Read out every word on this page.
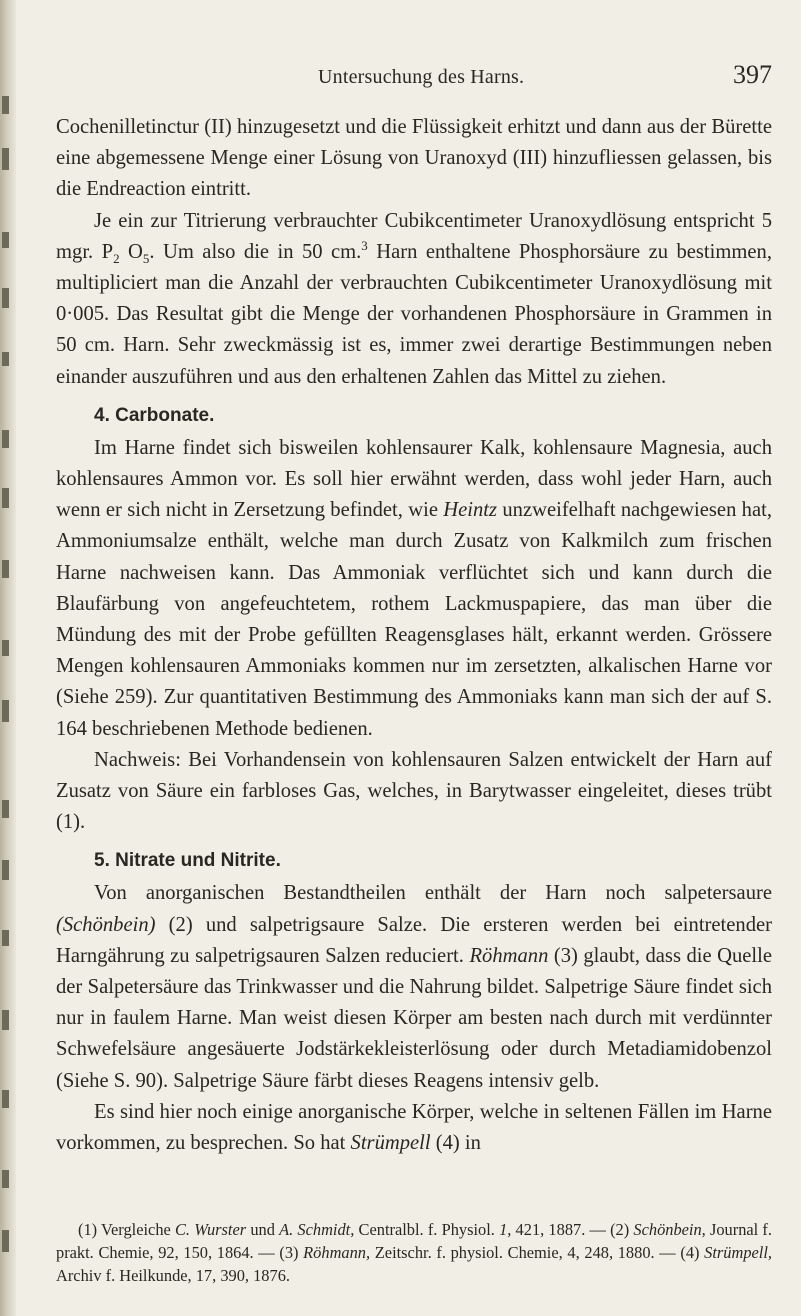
Untersuchung des Harns.	397

Cochenilletinctur (II) hinzugesetzt und die Flüssigkeit erhitzt und dann aus der Bürette eine abgemessene Menge einer Lösung von Uranoxyd (III) hinzufliessen gelassen, bis die Endreaction eintritt.

Je ein zur Titrierung verbrauchter Cubikcentimeter Uranoxydlösung entspricht 5 mgr. $P_2$ $O_5$. Um also die in 50 cm.$^3$ Harn enthaltene Phosphorsäure zu bestimmen, multipliciert man die Anzahl der verbrauchten Cubikcentimeter Uranoxydlösung mit 0·005. Das Resultat gibt die Menge der vorhandenen Phosphorsäure in Grammen in 50 cm. Harn. Sehr zweckmässig ist es, immer zwei derartige Bestimmungen neben einander auszuführen und aus den erhaltenen Zahlen das Mittel zu ziehen.

4. Carbonate.

Im Harne findet sich bisweilen kohlensaurer Kalk, kohlensaure Magnesia, auch kohlensaures Ammon vor. Es soll hier erwähnt werden, dass wohl jeder Harn, auch wenn er sich nicht in Zersetzung befindet, wie Heintz unzweifelhaft nachgewiesen hat, Ammoniumsalze enthält, welche man durch Zusatz von Kalkmilch zum frischen Harne nachweisen kann. Das Ammoniak verflüchtet sich und kann durch die Blaufärbung von angefeuchtetem, rothem Lackmuspapiere, das man über die Mündung des mit der Probe gefüllten Reagensglases hält, erkannt werden. Grössere Mengen kohlensauren Ammoniaks kommen nur im zersetzten, alkalischen Harne vor (Siehe 259). Zur quantitativen Bestimmung des Ammoniaks kann man sich der auf S. 164 beschriebenen Methode bedienen.

Nachweis: Bei Vorhandensein von kohlensauren Salzen entwickelt der Harn auf Zusatz von Säure ein farbloses Gas, welches, in Barytwasser eingeleitet, dieses trübt (1).

5. Nitrate und Nitrite.

Von anorganischen Bestandtheilen enthält der Harn noch salpetersaure (Schönbein) (2) und salpetrigsaure Salze. Die ersteren werden bei eintretender Harngährung zu salpetrigsauren Salzen reduciert. Röhmann (3) glaubt, dass die Quelle der Salpetersäure das Trinkwasser und die Nahrung bildet. Salpetrige Säure findet sich nur in faulem Harne. Man weist diesen Körper am besten nach durch mit verdünnter Schwefelsäure angesäuerte Jodstärkekleisterlösung oder durch Metadiamidobenzol (Siehe S. 90). Salpetrige Säure färbt dieses Reagens intensiv gelb.

Es sind hier noch einige anorganische Körper, welche in seltenen Fällen im Harne vorkommen, zu besprechen. So hat Strümpell (4) in

(1) Vergleiche C. Wurster und A. Schmidt, Centralbl. f. Physiol. 1, 421, 1887. — (2) Schönbein, Journal f. prakt. Chemie, 92, 150, 1864. — (3) Röhmann, Zeitschr. f. physiol. Chemie, 4, 248, 1880. — (4) Strümpell, Archiv f. Heilkunde, 17, 390, 1876.
